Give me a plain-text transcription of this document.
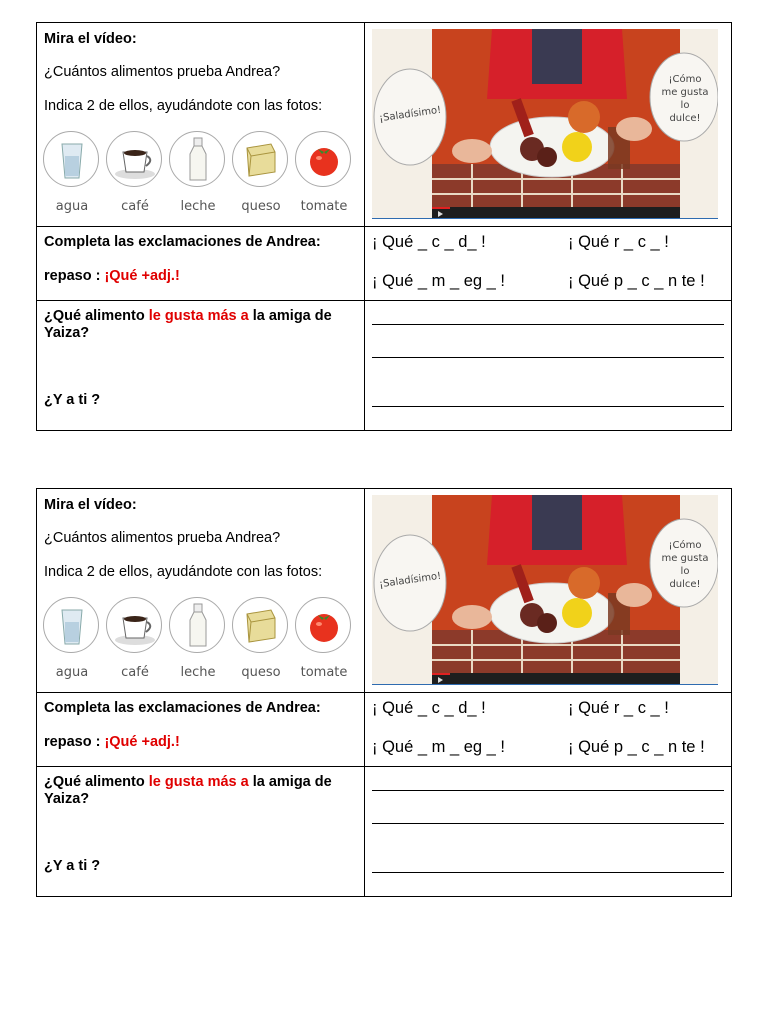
Mira el vídeo:
¿Cuántos alimentos prueba Andrea?
Indica 2 de ellos, ayudándote con las fotos:
agua	café	leche	queso	tomate
¡Saladísimo!
¡Cómo
me gusta lo
dulce!
Completa las exclamaciones de Andrea:
repaso : ¡Qué +adj.!
¡ Qué _ c _ d_ !	¡ Qué r _ c _ !
¡ Qué _ m _ eg _ !	¡ Qué p _ c _ n te !
¿Qué alimento le gusta más a la amiga de
Yaiza?
¿Y a ti ?
Mira el vídeo:
¿Cuántos alimentos prueba Andrea?
Indica 2 de ellos, ayudándote con las fotos:
agua	café	leche	queso	tomate
¡Saladísimo!
¡Cómo
me gusta lo
dulce!
Completa las exclamaciones de Andrea:
repaso : ¡Qué +adj.!
¡ Qué _ c _ d_ !	¡ Qué r _ c _ !
¡ Qué _ m _ eg _ !	¡ Qué p _ c _ n te !
¿Qué alimento le gusta más a la amiga de
Yaiza?
¿Y a ti ?
